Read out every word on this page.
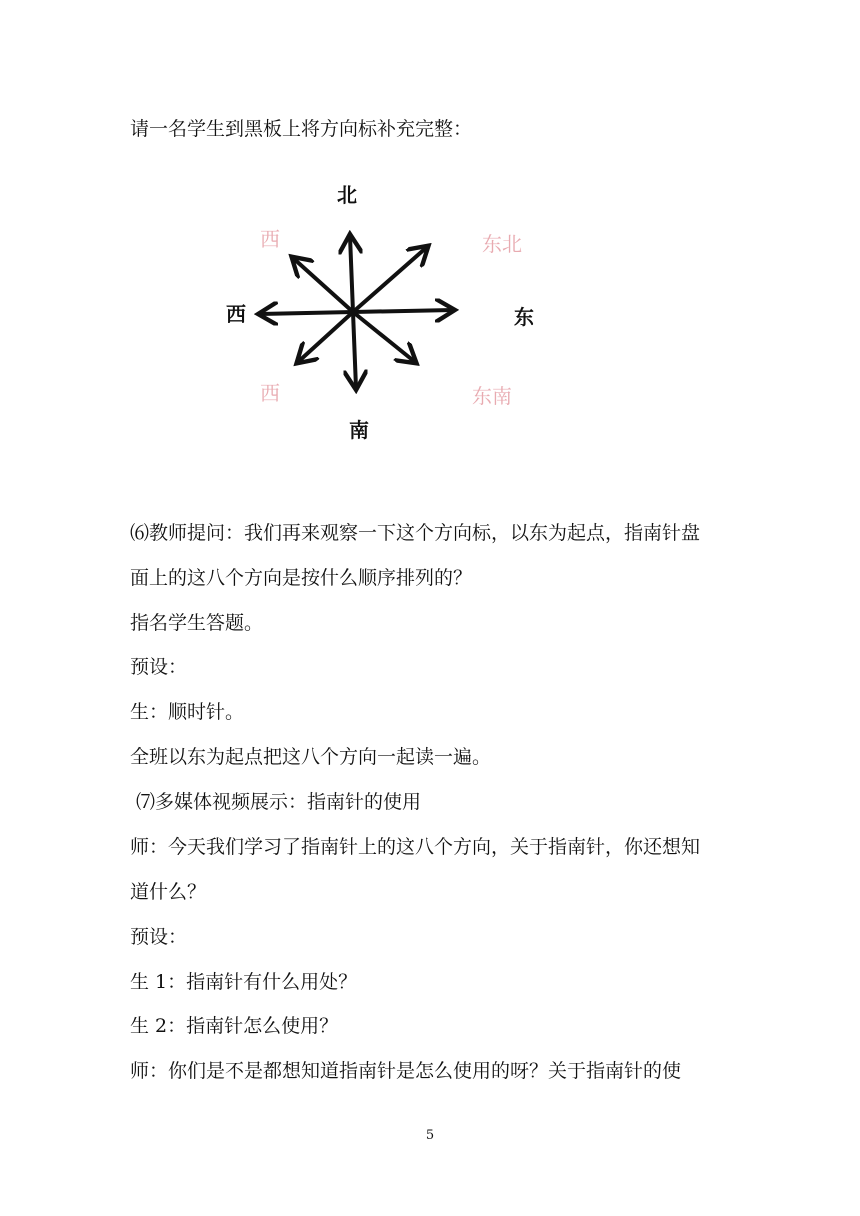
请一名学生到黑板上将方向标补充完整：
北
南
东
西
西	东北
西	东南
⑹教师提问：我们再来观察一下这个方向标，以东为起点，指南针盘
面上的这八个方向是按什么顺序排列的？
指名学生答题。
预设：
生：顺时针。
全班以东为起点把这八个方向一起读一遍。
⑺多媒体视频展示：指南针的使用
师：今天我们学习了指南针上的这八个方向，关于指南针，你还想知
道什么？
预设：
生 1：指南针有什么用处？
生 2：指南针怎么使用？
师：你们是不是都想知道指南针是怎么使用的呀？关于指南针的使
5
